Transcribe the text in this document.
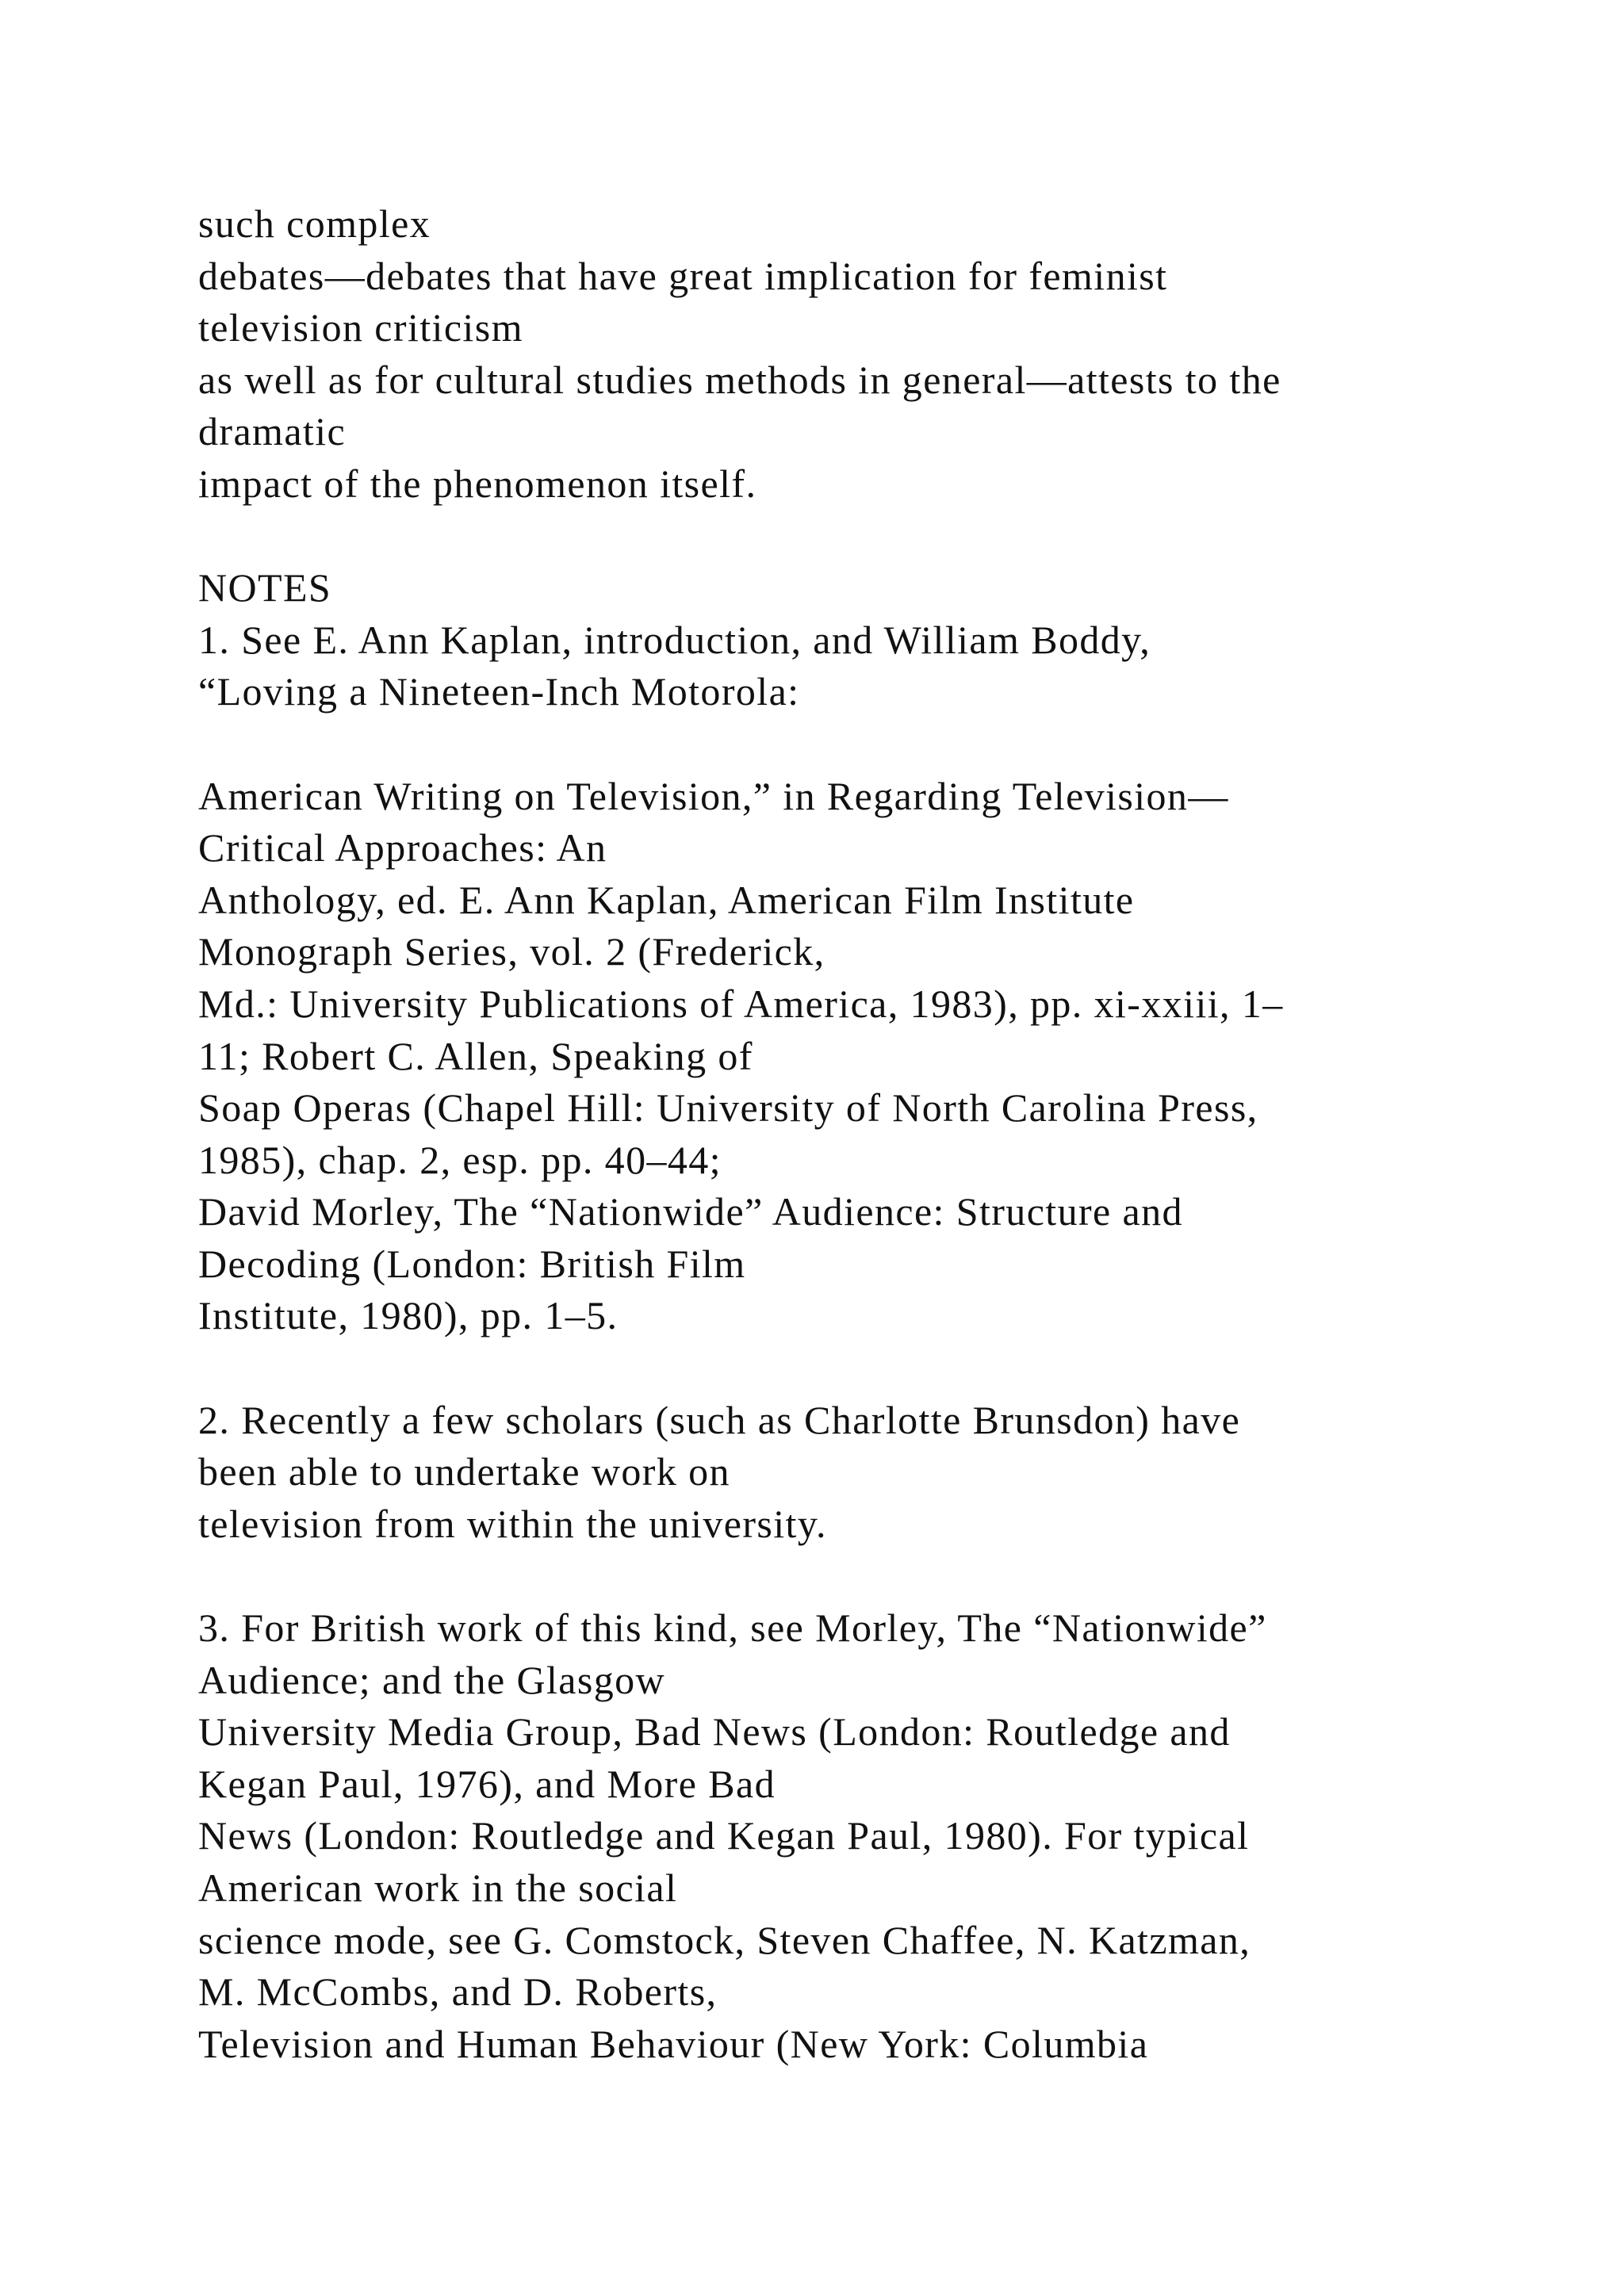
such complex
debates—debates that have great implication for feminist
television criticism
as well as for cultural studies methods in general—attests to the
dramatic
impact of the phenomenon itself.
NOTES
1. See E. Ann Kaplan, introduction, and William Boddy,
“Loving a Nineteen-Inch Motorola:
American Writing on Television,” in Regarding Television—
Critical Approaches: An
Anthology, ed. E. Ann Kaplan, American Film Institute
Monograph Series, vol. 2 (Frederick,
Md.: University Publications of America, 1983), pp. xi-xxiii, 1–
11; Robert C. Allen, Speaking of
Soap Operas (Chapel Hill: University of North Carolina Press,
1985), chap. 2, esp. pp. 40–44;
David Morley, The “Nationwide” Audience: Structure and
Decoding (London: British Film
Institute, 1980), pp. 1–5.
2. Recently a few scholars (such as Charlotte Brunsdon) have
been able to undertake work on
television from within the university.
3. For British work of this kind, see Morley, The “Nationwide”
Audience; and the Glasgow
University Media Group, Bad News (London: Routledge and
Kegan Paul, 1976), and More Bad
News (London: Routledge and Kegan Paul, 1980). For typical
American work in the social
science mode, see G. Comstock, Steven Chaffee, N. Katzman,
M. McCombs, and D. Roberts,
Television and Human Behaviour (New York: Columbia
